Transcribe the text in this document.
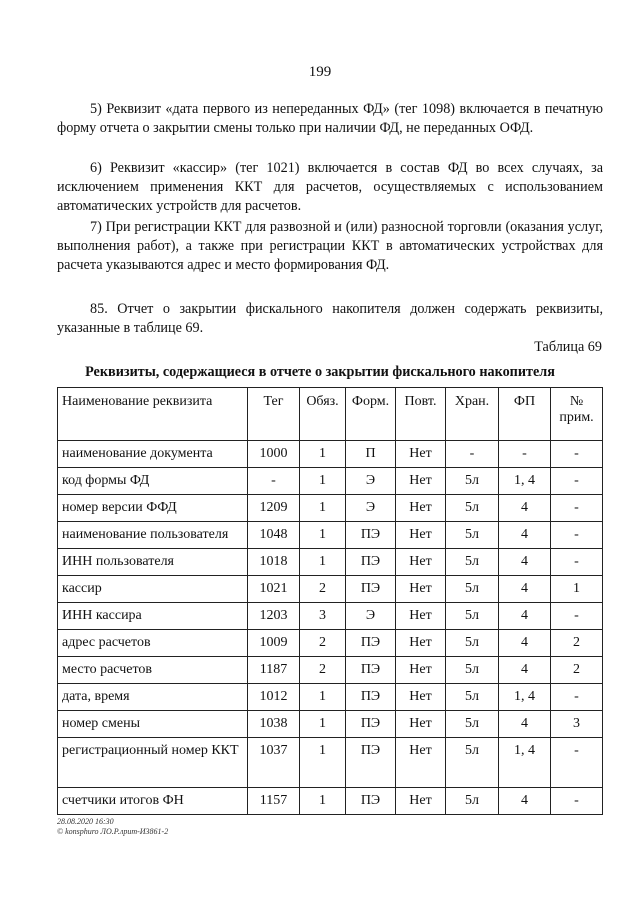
199
5) Реквизит «дата первого из непереданных ФД» (тег 1098) включается в печатную форму отчета о закрытии смены только при наличии ФД, не переданных ОФД.
6) Реквизит «кассир» (тег 1021) включается в состав ФД во всех случаях, за исключением применения ККТ для расчетов, осуществляемых с использованием автоматических устройств для расчетов.
7) При регистрации ККТ для развозной и (или) разносной торговли (оказания услуг, выполнения работ), а также при регистрации ККТ в автоматических устройствах для расчета указываются адрес и место формирования ФД.
85. Отчет о закрытии фискального накопителя должен содержать реквизиты, указанные в таблице 69.
Таблица 69
Реквизиты, содержащиеся в отчете о закрытии фискального накопителя
Наименование реквизита	Тег	Обяз.	Форм.	Повт.	Хран.	ФП	№ прим.
наименование документа	1000	1	П	Нет	-	-	-
код формы ФД	-	1	Э	Нет	5л	1, 4	-
номер версии ФФД	1209	1	Э	Нет	5л	4	-
наименование пользователя	1048	1	ПЭ	Нет	5л	4	-
ИНН пользователя	1018	1	ПЭ	Нет	5л	4	-
кассир	1021	2	ПЭ	Нет	5л	4	1
ИНН кассира	1203	3	Э	Нет	5л	4	-
адрес расчетов	1009	2	ПЭ	Нет	5л	4	2
место расчетов	1187	2	ПЭ	Нет	5л	4	2
дата, время	1012	1	ПЭ	Нет	5л	1, 4	-
номер смены	1038	1	ПЭ	Нет	5л	4	3
регистрационный номер ККТ	1037	1	ПЭ	Нет	5л	1, 4	-
счетчики итогов ФН	1157	1	ПЭ	Нет	5л	4	-
28.08.2020 16:30
© konsphuro ЛО.Р.лрит-И3861-2
